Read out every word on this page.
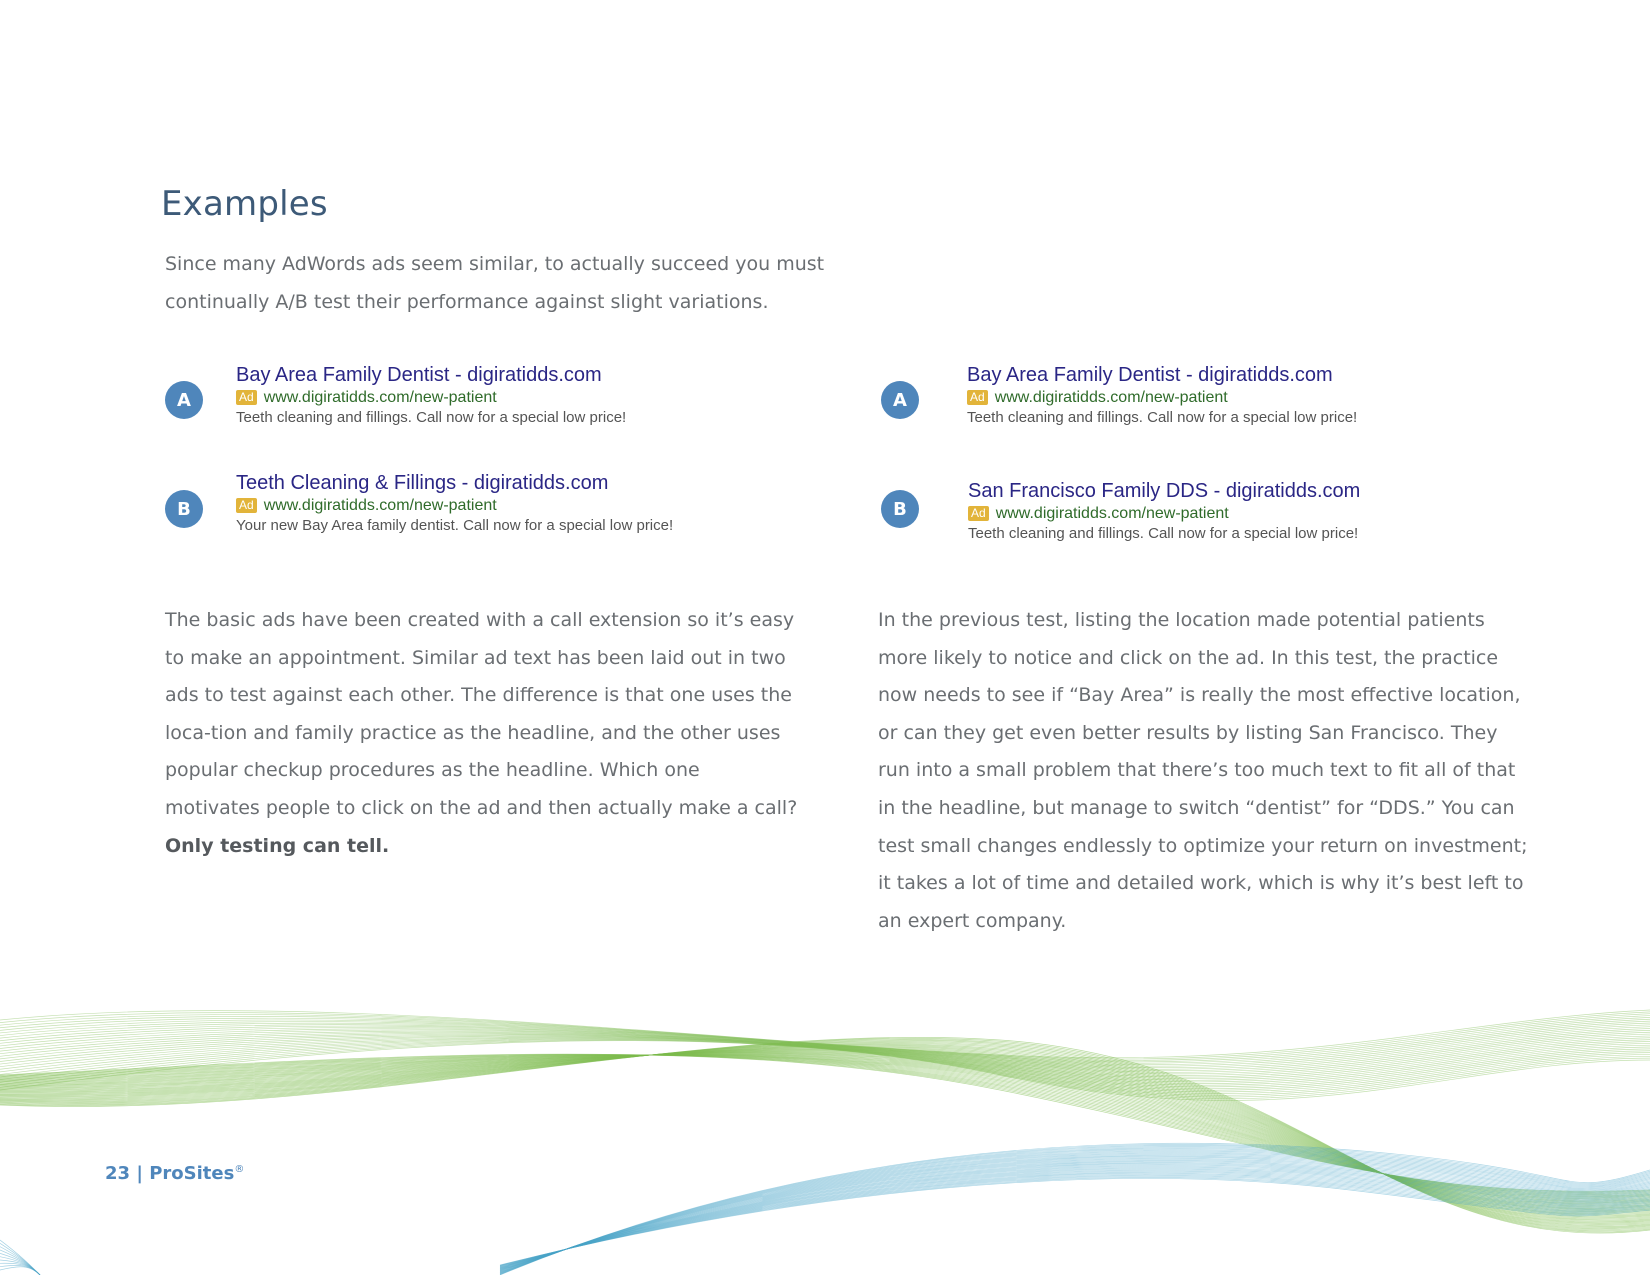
Examples

Since many AdWords ads seem similar, to actually succeed you must continually A/B test their performance against slight variations.

A
Bay Area Family Dentist - digiratidds.com
Ad www.digiratidds.com/new-patient
Teeth cleaning and fillings. Call now for a special low price!
B
Teeth Cleaning & Fillings - digiratidds.com
Ad www.digiratidds.com/new-patient
Your new Bay Area family dentist. Call now for a special low price!
A
Bay Area Family Dentist - digiratidds.com
Ad www.digiratidds.com/new-patient
Teeth cleaning and fillings. Call now for a special low price!
B
San Francisco Family DDS - digiratidds.com
Ad www.digiratidds.com/new-patient
Teeth cleaning and fillings. Call now for a special low price!

The basic ads have been created with a call extension so it’s easy to make an appointment. Similar ad text has been laid out in two ads to test against each other. The difference is that one uses the loca-tion and family practice as the headline, and the other uses popular checkup procedures as the headline. Which one motivates people to click on the ad and then actually make a call? Only testing can tell.

In the previous test, listing the location made potential patients more likely to notice and click on the ad. In this test, the practice now needs to see if “Bay Area” is really the most effective location, or can they get even better results by listing San Francisco. They run into a small problem that there’s too much text to fit all of that in the headline, but manage to switch “dentist” for “DDS.” You can test small changes endlessly to optimize your return on investment; it takes a lot of time and detailed work, which is why it’s best left to an expert company.

23 | ProSites®
